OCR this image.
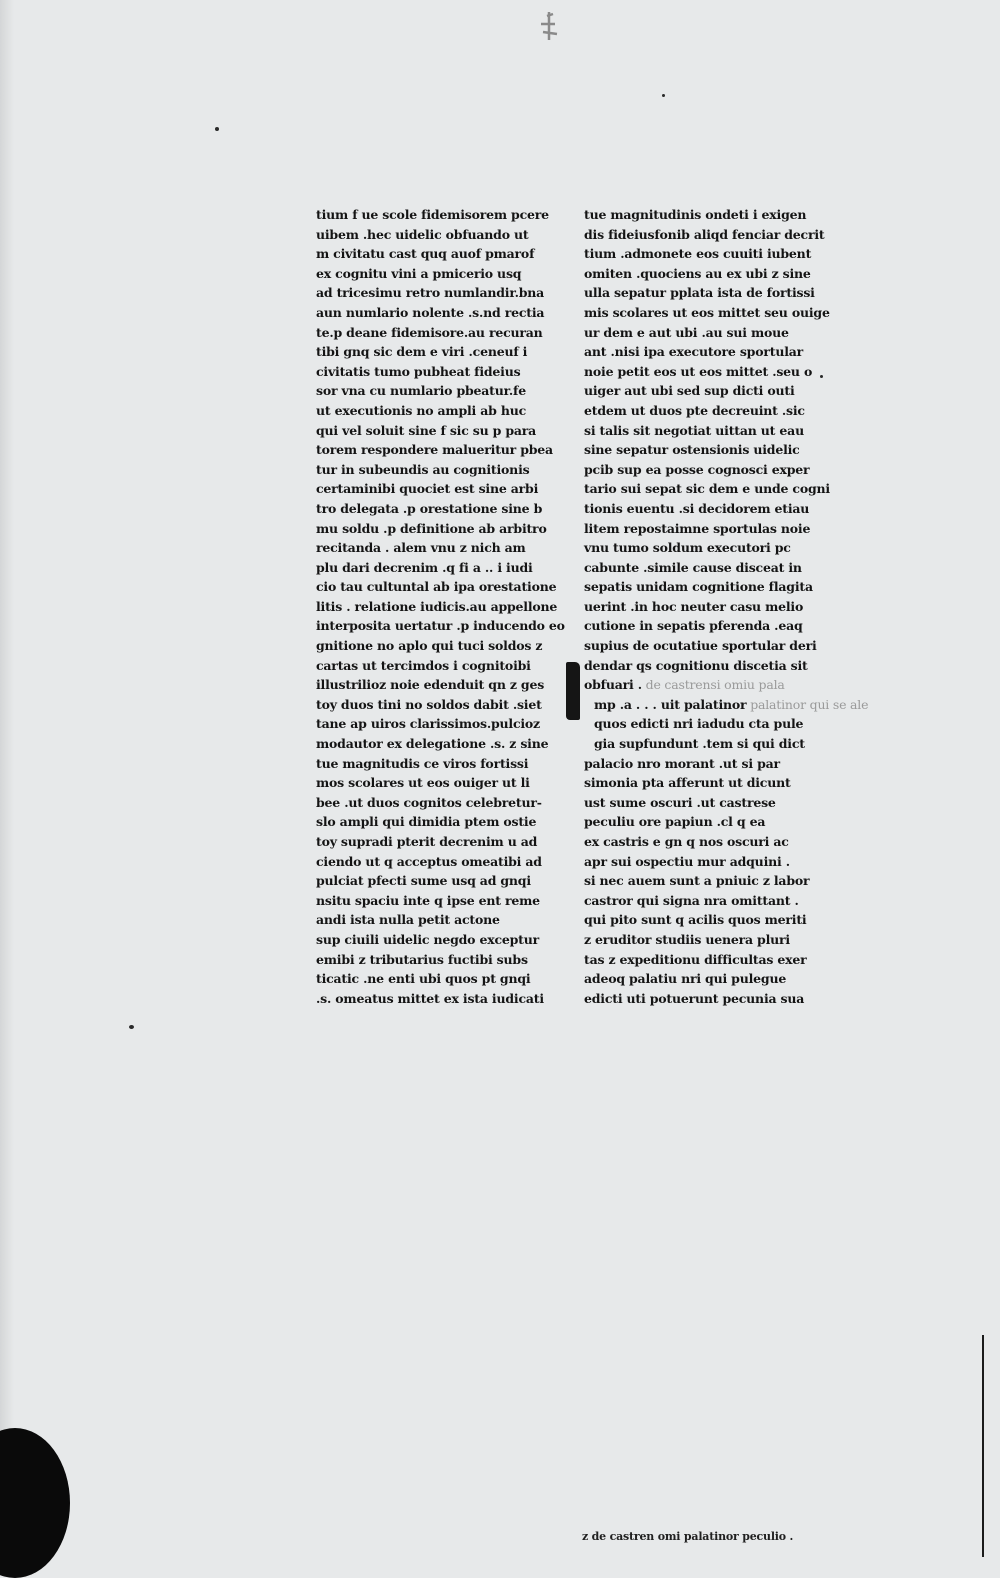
tium f ue scole fidemisorem pcere
uibem .hec uidelic obfuando ut
m civitatu cast quq auof pmarof
ex cognitu vini a pmicerio usq
ad tricesimu retro numlandir.bna
aun numlario nolente .s.nd rectia
te.p deane fidemisore.au recuran
tibi gnq sic dem e viri .ceneuf i
civitatis tumo pubheat fideius
sor vna cu numlario pbeatur.fe
ut executionis no ampli ab huc
qui vel soluit sine f sic su p para
torem respondere malueritur pbea
tur in subeundis au cognitionis
certaminibi quociet est sine arbi
tro delegata .p orestatione sine b
mu soldu .p definitione ab arbitro
recitanda . alem vnu z nich am
plu dari decrenim .q fi a .. i iudi
cio tau cultuntal ab ipa orestatione
litis . relatione iudicis.au appellone
interposita uertatur .p inducendo eo
gnitione no aplo qui tuci soldos z
cartas ut tercimdos i cognitoibi
illustrilioz noie edenduit qn z ges
toy duos tini no soldos dabit .siet
tane ap uiros clarissimos.pulcioz
modautor ex delegatione .s. z sine
tue magnitudis ce viros fortissi
mos scolares ut eos ouiger ut li
bee .ut duos cognitos celebretur-
slo ampli qui dimidia ptem ostie
toy supradi pterit decrenim u ad
ciendo ut q acceptus omeatibi ad
pulciat pfecti sume usq ad gnqi
nsitu spaciu inte q ipse ent reme
andi ista nulla petit actone
sup ciuili uidelic negdo exceptur
emibi z tributarius fuctibi subs
ticatic .ne enti ubi quos pt gnqi
.s. omeatus mittet ex ista iudicati
tue magnitudinis ondeti i exigen
dis fideiusfonib aliqd fenciar decrit
tium .admonete eos cuuiti iubent
omiten .quociens au ex ubi z sine
ulla sepatur pplata ista de fortissi
mis scolares ut eos mittet seu ouige
ur dem e aut ubi .au sui moue
ant .nisi ipa executore sportular
noie petit eos ut eos mittet .seu o
uiger aut ubi sed sup dicti outi
etdem ut duos pte decreuint .sic
si talis sit negotiat uittan ut eau
sine sepatur ostensionis uidelic
pcib sup ea posse cognosci exper
tario sui sepat sic dem e unde cogni
tionis euentu .si decidorem etiau
litem repostaimne sportulas noie
vnu tumo soldum executori pc
cabunte .simile cause disceat in
sepatis unidam cognitione flagita
uerint .in hoc neuter casu melio
cutione in sepatis pferenda .eaq
supius de ocutatiue sportular deri
dendar qs cognitionu discetia sit
obfuari . de castrensi omiu pala
mp .a . . . uit palatinor palatinor qui se ale
quos edicti nri iadudu cta pule
gia supfundunt .tem si qui dict
palacio nro morant .ut si par
simonia pta afferunt ut dicunt
ust sume oscuri .ut castrese
peculiu ore papiun .cl q ea
ex castris e gn q nos oscuri ac
apr sui ospectiu mur adquini .
si nec auem sunt a pniuic z labor
castror qui signa nra omittant .
qui pito sunt q acilis quos meriti
z eruditor studiis uenera pluri
tas z expeditionu difficultas exer
adeoq palatiu nri qui pulegue
edicti uti potuerunt pecunia sua
z de castren omi palatinor peculio .
